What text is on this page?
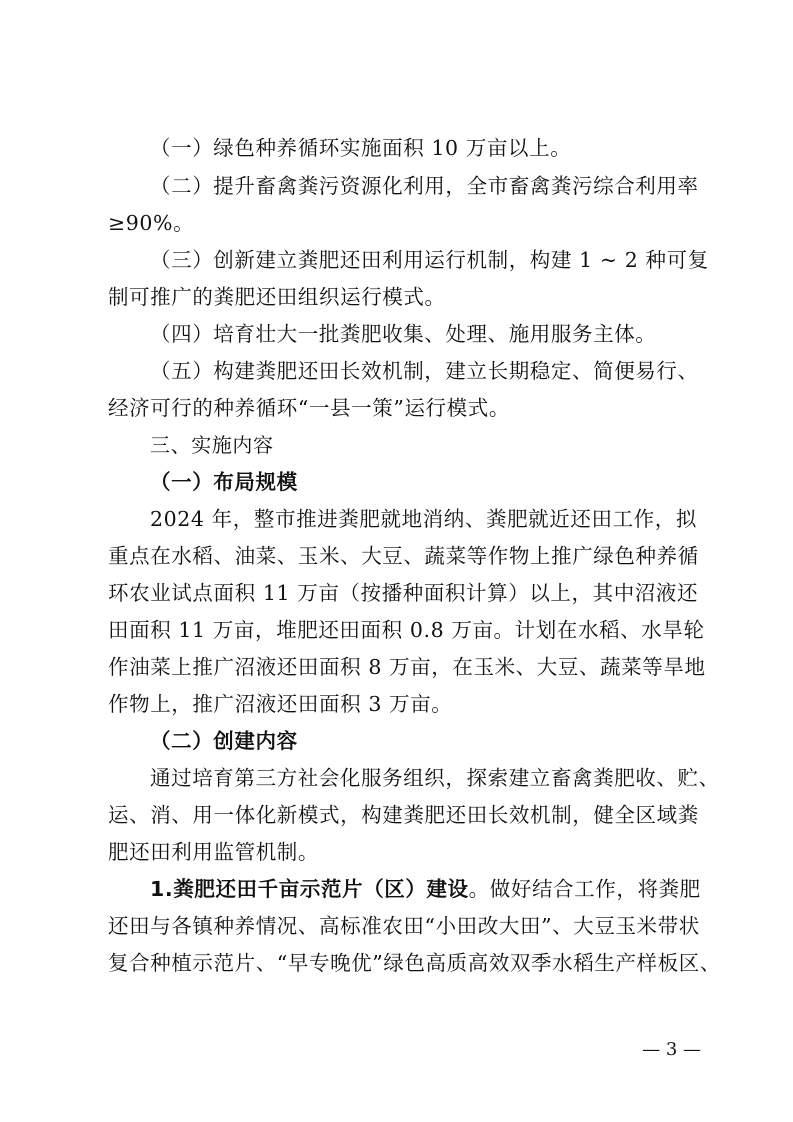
（一）绿色种养循环实施面积 10 万亩以上。
（二）提升畜禽粪污资源化利用，全市畜禽粪污综合利用率
≥90%。
（三）创新建立粪肥还田利用运行机制，构建 1 ~ 2 种可复
制可推广的粪肥还田组织运行模式。
（四）培育壮大一批粪肥收集、处理、施用服务主体。
（五）构建粪肥还田长效机制，建立长期稳定、简便易行、
经济可行的种养循环“一县一策”运行模式。
三、实施内容
（一）布局规模
2024 年，整市推进粪肥就地消纳、粪肥就近还田工作，拟
重点在水稻、油菜、玉米、大豆、蔬菜等作物上推广绿色种养循
环农业试点面积 11 万亩（按播种面积计算）以上，其中沼液还
田面积 11 万亩，堆肥还田面积 0.8 万亩。计划在水稻、水旱轮
作油菜上推广沼液还田面积 8 万亩，在玉米、大豆、蔬菜等旱地
作物上，推广沼液还田面积 3 万亩。
（二）创建内容
通过培育第三方社会化服务组织，探索建立畜禽粪肥收、贮、
运、消、用一体化新模式，构建粪肥还田长效机制，健全区域粪
肥还田利用监管机制。
1.粪肥还田千亩示范片（区）建设。做好结合工作，将粪肥
还田与各镇种养情况、高标准农田“小田改大田”、大豆玉米带状
复合种植示范片、“早专晚优”绿色高质高效双季水稻生产样板区、
— 3 —
